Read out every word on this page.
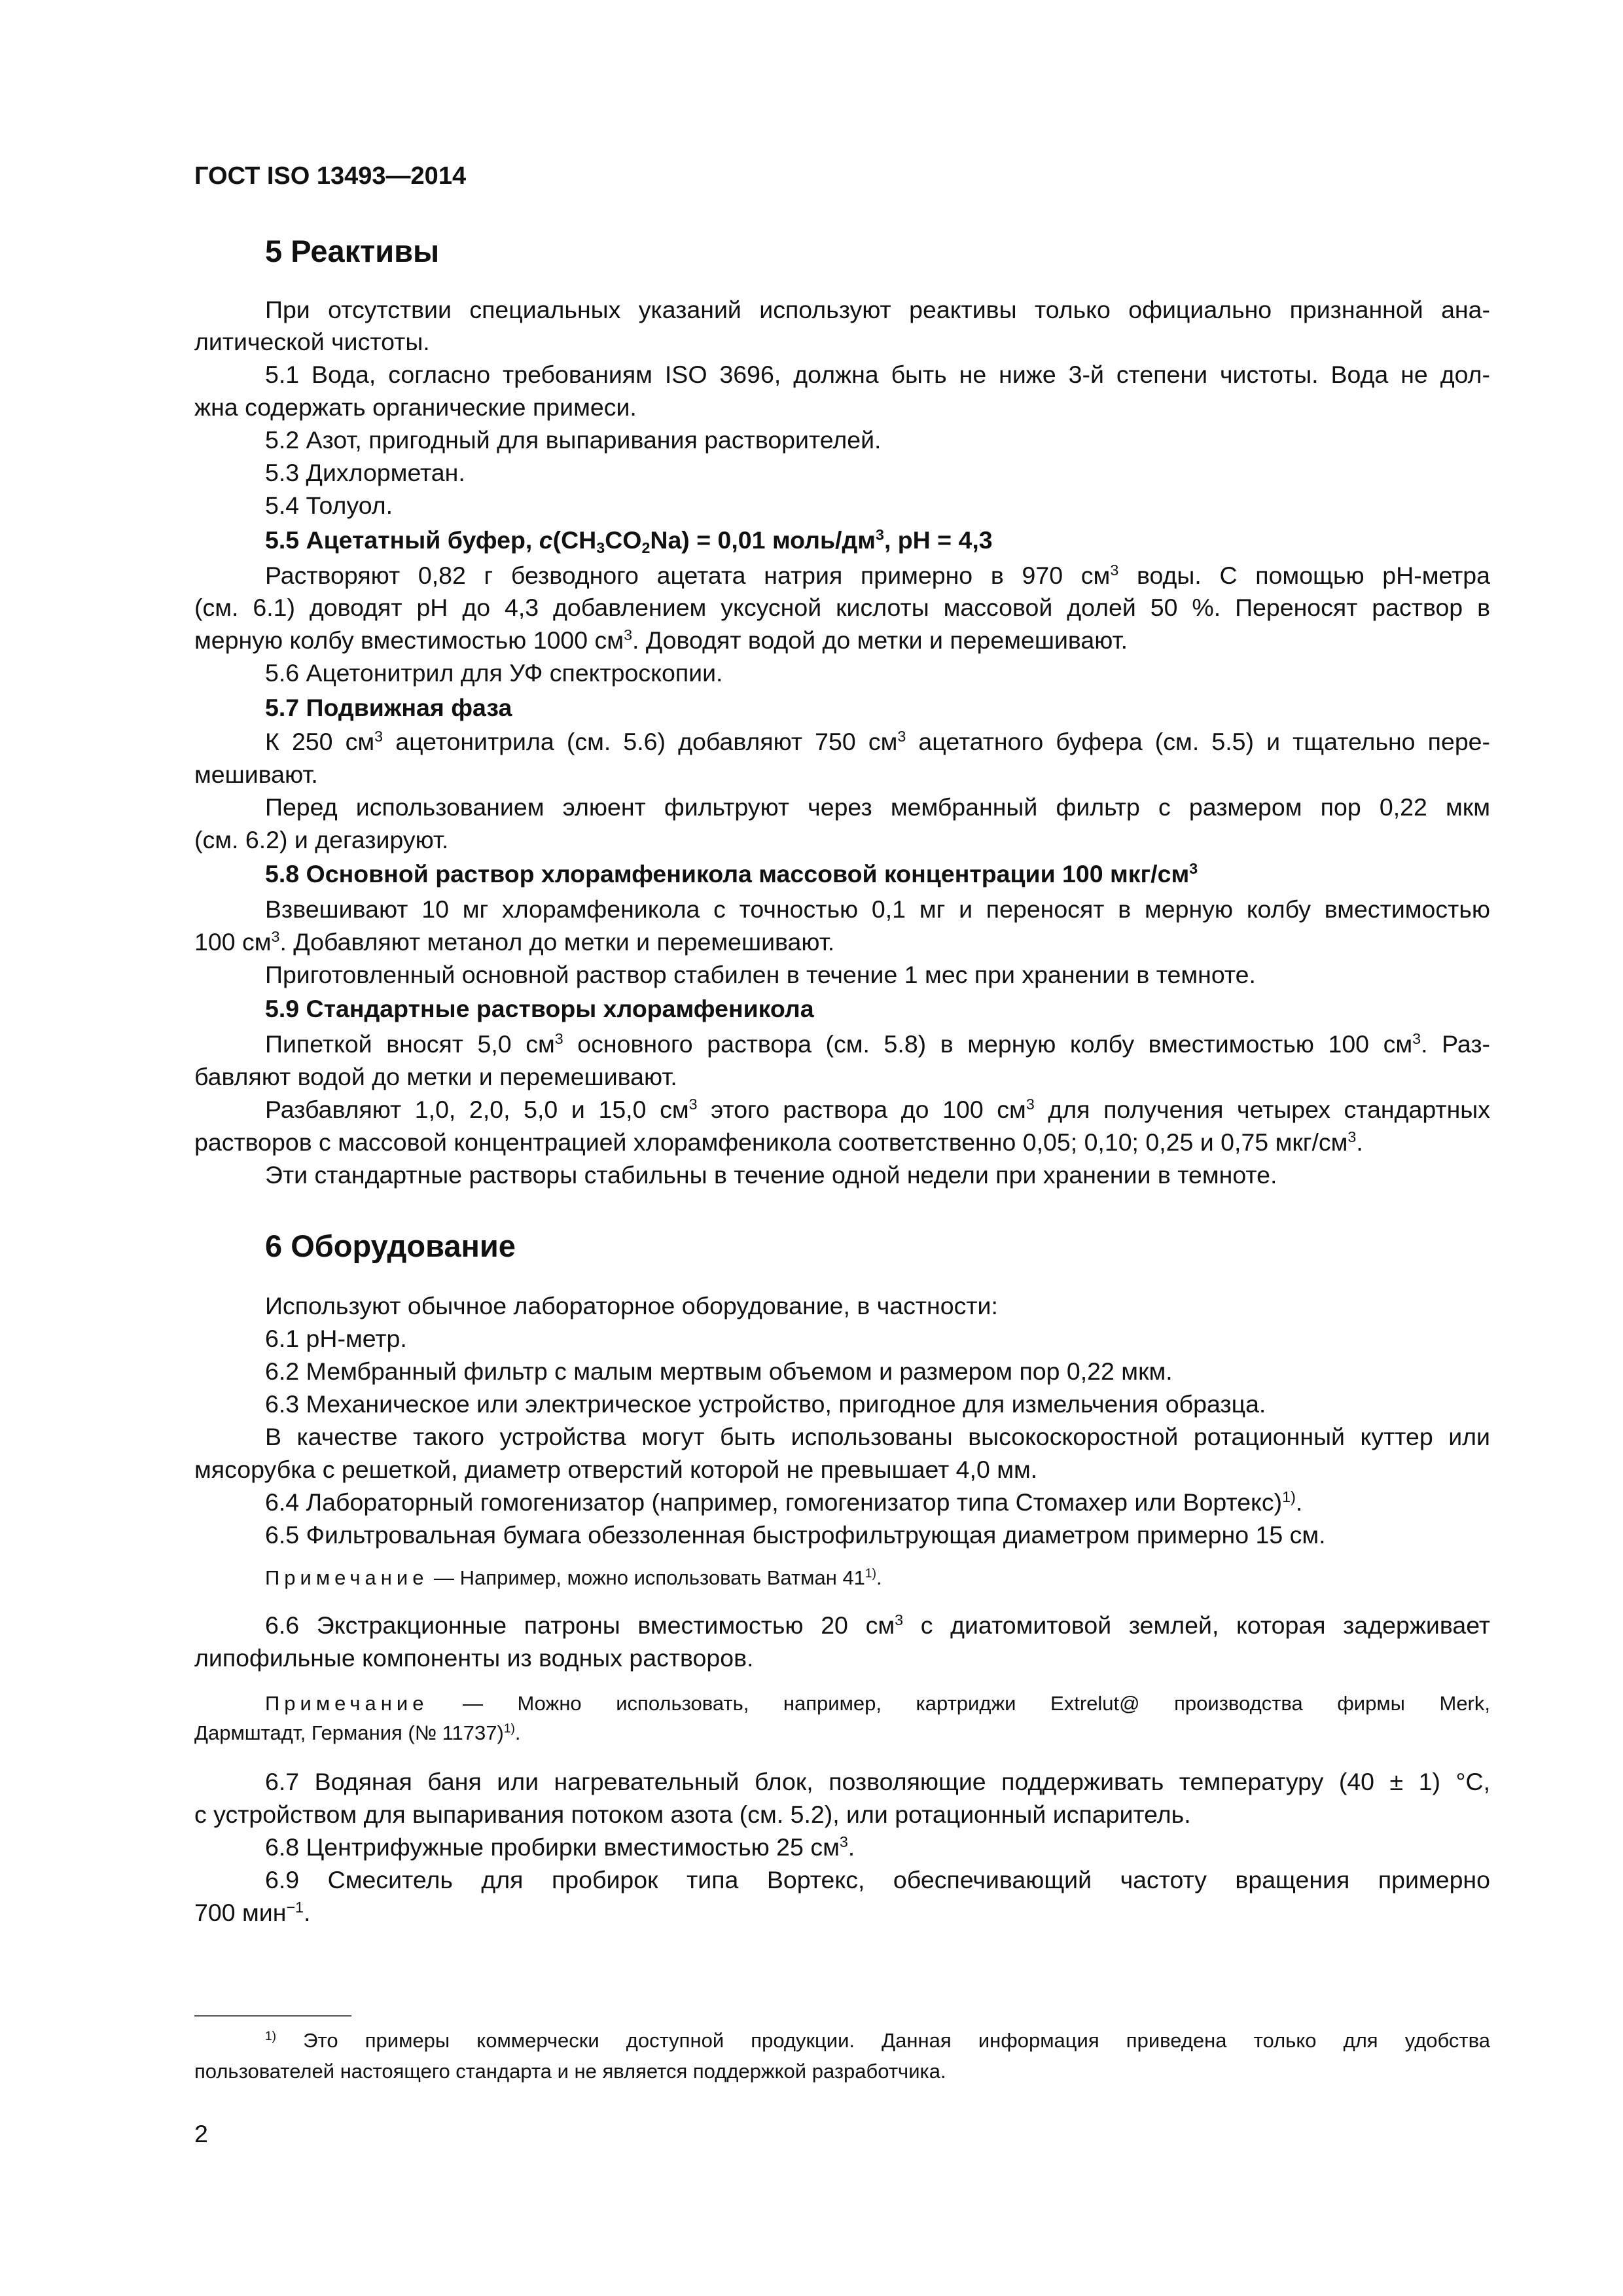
ГОСТ ISO 13493—2014
5 Реактивы
При отсутствии специальных указаний используют реактивы только официально признанной ана-
литической чистоты.
5.1 Вода, согласно требованиям ISO 3696, должна быть не ниже 3-й степени чистоты. Вода не дол-
жна содержать органические примеси.
5.2 Азот, пригодный для выпаривания растворителей.
5.3 Дихлорметан.
5.4 Толуол.
5.5 Ацетатный буфер, $c(CH_3CO_2Na) = 0,01$ моль/$дм^3$, pH = 4,3
Растворяют 0,82 г безводного ацетата натрия примерно в 970 $см^3$ воды. С помощью pH-метра
(см. 6.1) доводят pH до 4,3 добавлением уксусной кислоты массовой долей 50 %. Переносят раствор в
мерную колбу вместимостью 1000 $см^3$. Доводят водой до метки и перемешивают.
5.6 Ацетонитрил для УФ спектроскопии.
5.7 Подвижная фаза
К 250 $см^3$ ацетонитрила (см. 5.6) добавляют 750 $см^3$ ацетатного буфера (см. 5.5) и тщательно пере-
мешивают.
Перед использованием элюент фильтруют через мембранный фильтр с размером пор 0,22 мкм
(см. 6.2) и дегазируют.
5.8 Основной раствор хлорамфеникола массовой концентрации 100 мкг/$см^3$
Взвешивают 10 мг хлорамфеникола с точностью 0,1 мг и переносят в мерную колбу вместимостью
100 $см^3$. Добавляют метанол до метки и перемешивают.
Приготовленный основной раствор стабилен в течение 1 мес при хранении в темноте.
5.9 Стандартные растворы хлорамфеникола
Пипеткой вносят 5,0 $см^3$ основного раствора (см. 5.8) в мерную колбу вместимостью 100 $см^3$. Раз-
бавляют водой до метки и перемешивают.
Разбавляют 1,0, 2,0, 5,0 и 15,0 $см^3$ этого раствора до 100 $см^3$ для получения четырех стандартных
растворов с массовой концентрацией хлорамфеникола соответственно 0,05; 0,10; 0,25 и 0,75 мкг/$см^3$.
Эти стандартные растворы стабильны в течение одной недели при хранении в темноте.
6 Оборудование
Используют обычное лабораторное оборудование, в частности:
6.1 pH-метр.
6.2 Мембранный фильтр с малым мертвым объемом и размером пор 0,22 мкм.
6.3 Механическое или электрическое устройство, пригодное для измельчения образца.
В качестве такого устройства могут быть использованы высокоскоростной ротационный куттер или
мясорубка с решеткой, диаметр отверстий которой не превышает 4,0 мм.
6.4 Лабораторный гомогенизатор (например, гомогенизатор типа Стомахер или Вортекс)$^{1)}$.
6.5 Фильтровальная бумага обеззоленная быстрофильтрующая диаметром примерно 15 см.
Примечание — Например, можно использовать Ватман 41$^{1)}$.
6.6 Экстракционные патроны вместимостью 20 $см^3$ с диатомитовой землей, которая задерживает
липофильные компоненты из водных растворов.
Примечание — Можно использовать, например, картриджи Extrelut@ производства фирмы Merk,
Дармштадт, Германия (№ 11737)$^{1)}$.
6.7 Водяная баня или нагревательный блок, позволяющие поддерживать температуру (40 ± 1) °С,
с устройством для выпаривания потоком азота (см. 5.2), или ротационный испаритель.
6.8 Центрифужные пробирки вместимостью 25 $см^3$.
6.9 Смеситель для пробирок типа Вортекс, обеспечивающий частоту вращения примерно
700 мин$^{-1}$.
$^{1)}$ Это примеры коммерчески доступной продукции. Данная информация приведена только для удобства
пользователей настоящего стандарта и не является поддержкой разработчика.
2
